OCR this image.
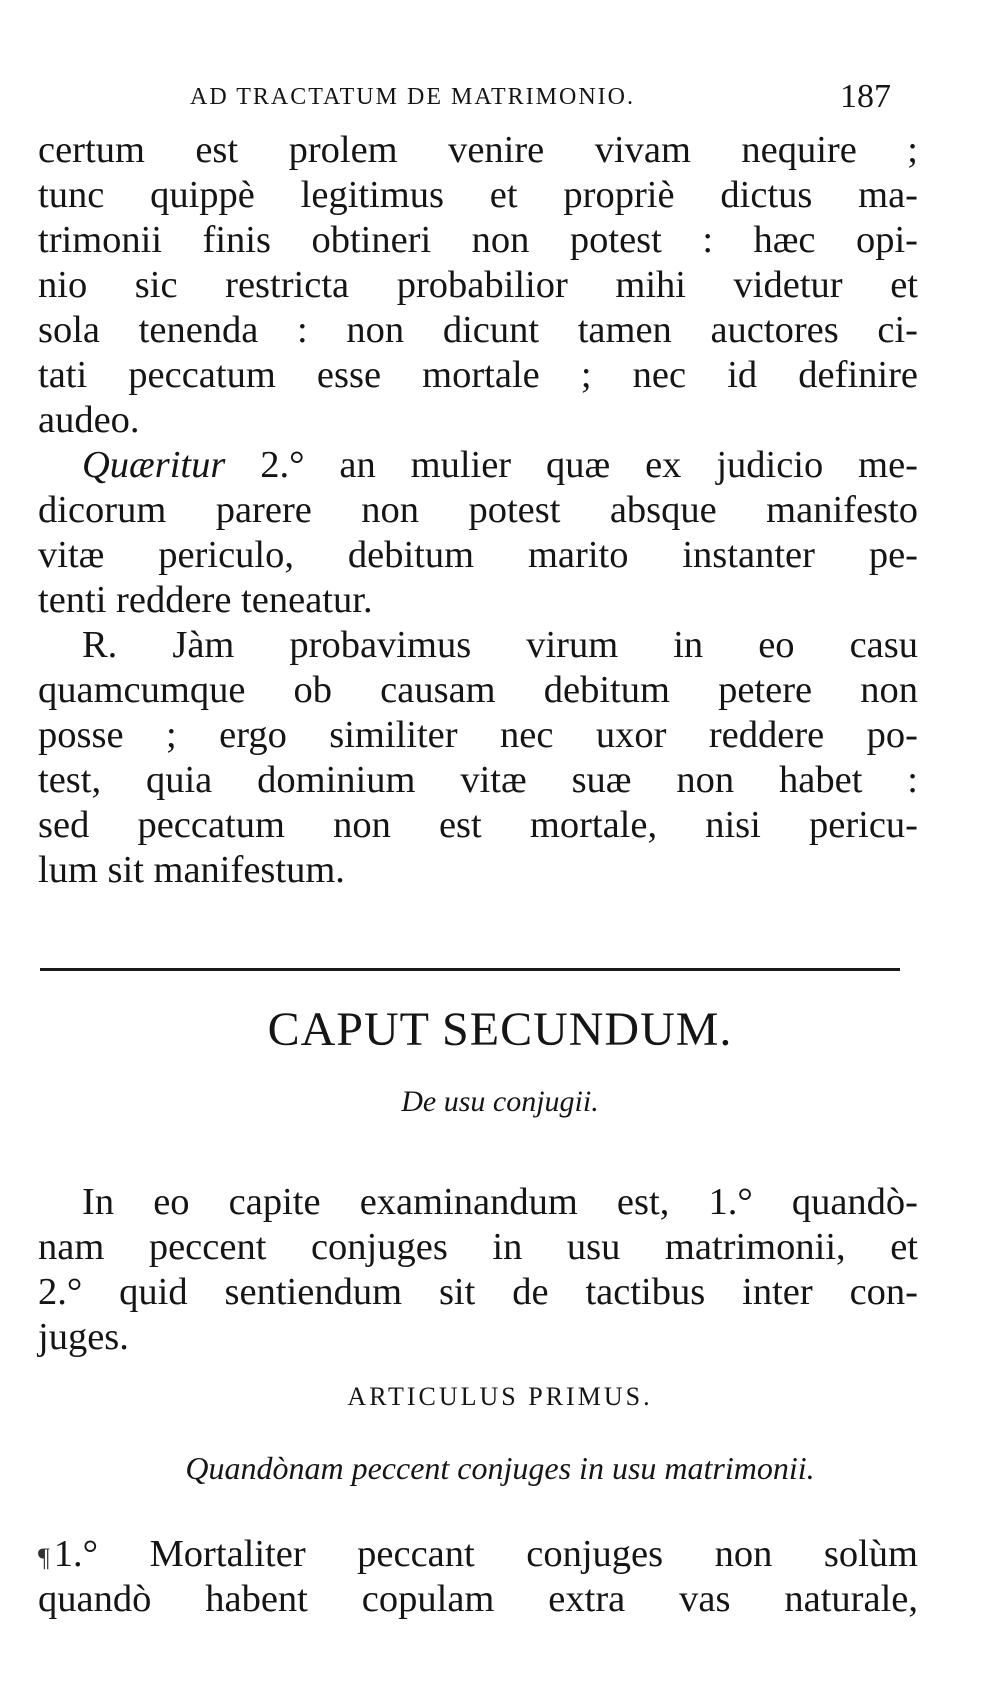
AD TRACTATUM DE MATRIMONIO.	187
certum est prolem venire vivam nequire ;
tunc quippè legitimus et propriè dictus ma-
trimonii finis obtineri non potest : hæc opi-
nio sic restricta probabilior mihi videtur et
sola tenenda : non dicunt tamen auctores ci-
tati peccatum esse mortale ; nec id definire
audeo.
Quæritur 2.° an mulier quæ ex judicio me-
dicorum parere non potest absque manifesto
vitæ periculo, debitum marito instanter pe-
tenti reddere teneatur.
R. Jàm probavimus virum in eo casu
quamcumque ob causam debitum petere non
posse ; ergo similiter nec uxor reddere po-
test, quia dominium vitæ suæ non habet :
sed peccatum non est mortale, nisi pericu-
lum sit manifestum.
CAPUT SECUNDUM.
De usu conjugii.
In eo capite examinandum est, 1.° quandò-
nam peccent conjuges in usu matrimonii, et
2.° quid sentiendum sit de tactibus inter con-
juges.
ARTICULUS PRIMUS.
Quandònam peccent conjuges in usu matrimonii.
¶ 1.° Mortaliter peccant conjuges non solùm
quandò habent copulam extra vas naturale,
